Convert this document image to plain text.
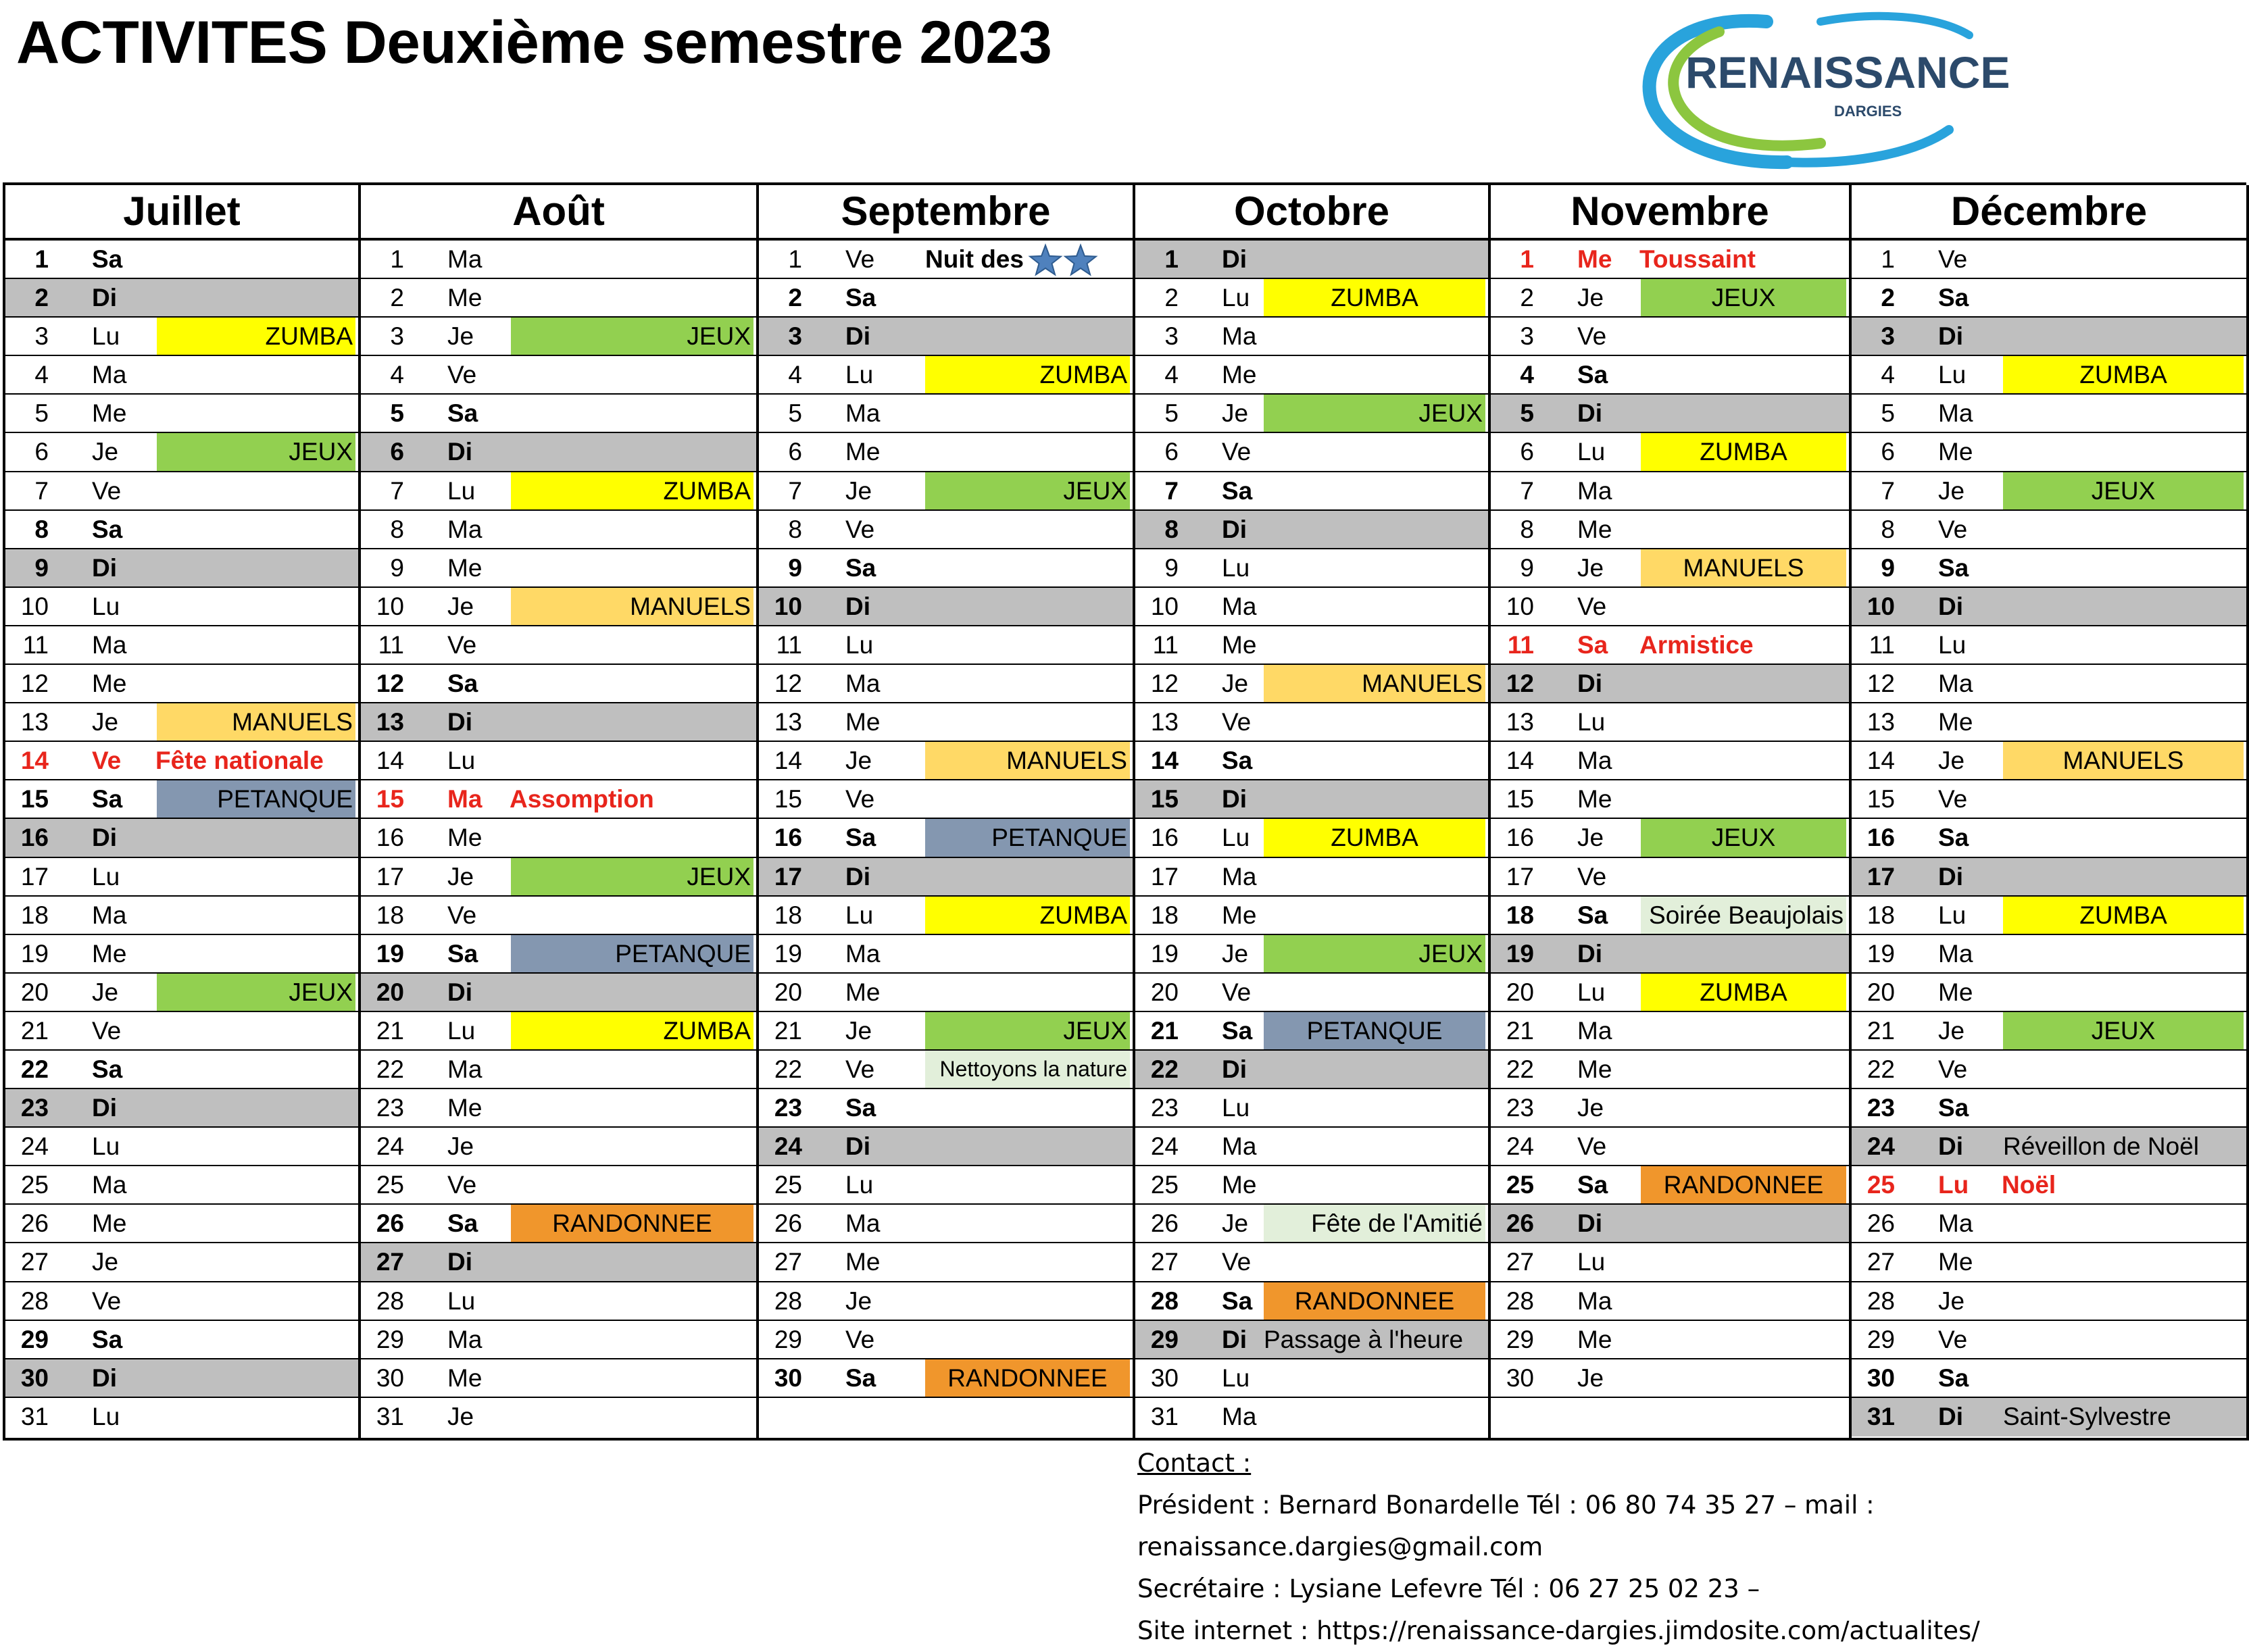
ACTIVITES Deuxième semestre 2023	RENAISSANCE
DARGIES
Juillet
1 Sa
2 Di
3 Lu	ZUMBA
4 Ma
5 Me
6 Je	JEUX
7 Ve
8 Sa
9 Di
10 Lu
11 Ma
12 Me
13 Je	MANUELS
14 Ve Fête nationale
15 Sa	PETANQUE
16 Di
17 Lu
18 Ma
19 Me
20 Je	JEUX
21 Ve
22 Sa
23 Di
24 Lu
25 Ma
26 Me
27 Je
28 Ve
29 Sa
30 Di
31 Lu
Août
1 Ma
2 Me
3 Je	JEUX
4 Ve
5 Sa
6 Di
7 Lu	ZUMBA
8 Ma
9 Me
10 Je	MANUELS
11 Ve
12 Sa
13 Di
14 Lu
15 Ma Assomption
16 Me
17 Je	JEUX
18 Ve
19 Sa	PETANQUE
20 Di
21 Lu	ZUMBA
22 Ma
23 Me
24 Je
25 Ve
26 Sa	RANDONNEE
27 Di
28 Lu
29 Ma
30 Me
31 Je
Septembre
1 Ve Nuit des
2 Sa
3 Di
4 Lu	ZUMBA
5 Ma
6 Me
7 Je	JEUX
8 Ve
9 Sa
10 Di
11 Lu
12 Ma
13 Me
14 Je	MANUELS
15 Ve
16 Sa	PETANQUE
17 Di
18 Lu	ZUMBA
19 Ma
20 Me
21 Je	JEUX
22 Ve	Nettoyons la nature
23 Sa
24 Di
25 Lu
26 Ma
27 Me
28 Je
29 Ve
30 Sa	RANDONNEE
Octobre
1 Di
2 Lu	ZUMBA
3 Ma
4 Me
5 Je	JEUX
6 Ve
7 Sa
8 Di
9 Lu
10 Ma
11 Me
12 Je	MANUELS
13 Ve
14 Sa
15 Di
16 Lu	ZUMBA
17 Ma
18 Me
19 Je	JEUX
20 Ve
21 Sa	PETANQUE
22 Di
23 Lu
24 Ma
25 Me
26 Je	Fête de l'Amitié
27 Ve
28 Sa	RANDONNEE
29 Di Passage à l'heure
30 Lu
31 Ma
Novembre
1 Me Toussaint
2 Je	JEUX
3 Ve
4 Sa
5 Di
6 Lu	ZUMBA
7 Ma
8 Me
9 Je	MANUELS
10 Ve
11 Sa Armistice
12 Di
13 Lu
14 Ma
15 Me
16 Je	JEUX
17 Ve
18 Sa	Soirée Beaujolais
19 Di
20 Lu	ZUMBA
21 Ma
22 Me
23 Je
24 Ve
25 Sa	RANDONNEE
26 Di
27 Lu
28 Ma
29 Me
30 Je
Décembre
1 Ve
2 Sa
3 Di
4 Lu	ZUMBA
5 Ma
6 Me
7 Je	JEUX
8 Ve
9 Sa
10 Di
11 Lu
12 Ma
13 Me
14 Je	MANUELS
15 Ve
16 Sa
17 Di
18 Lu	ZUMBA
19 Ma
20 Me
21 Je	JEUX
22 Ve
23 Sa
24 Di Réveillon de Noël
25 Lu Noël
26 Ma
27 Me
28 Je
29 Ve
30 Sa
31 Di Saint-Sylvestre
Contact :
Président : Bernard Bonardelle Tél : 06 80 74 35 27 – mail : renaissance.dargies@gmail.com
Secrétaire : Lysiane Lefevre Tél : 06 27 25 02 23 –
Site internet : https://renaissance-dargies.jimdosite.com/actualites/
